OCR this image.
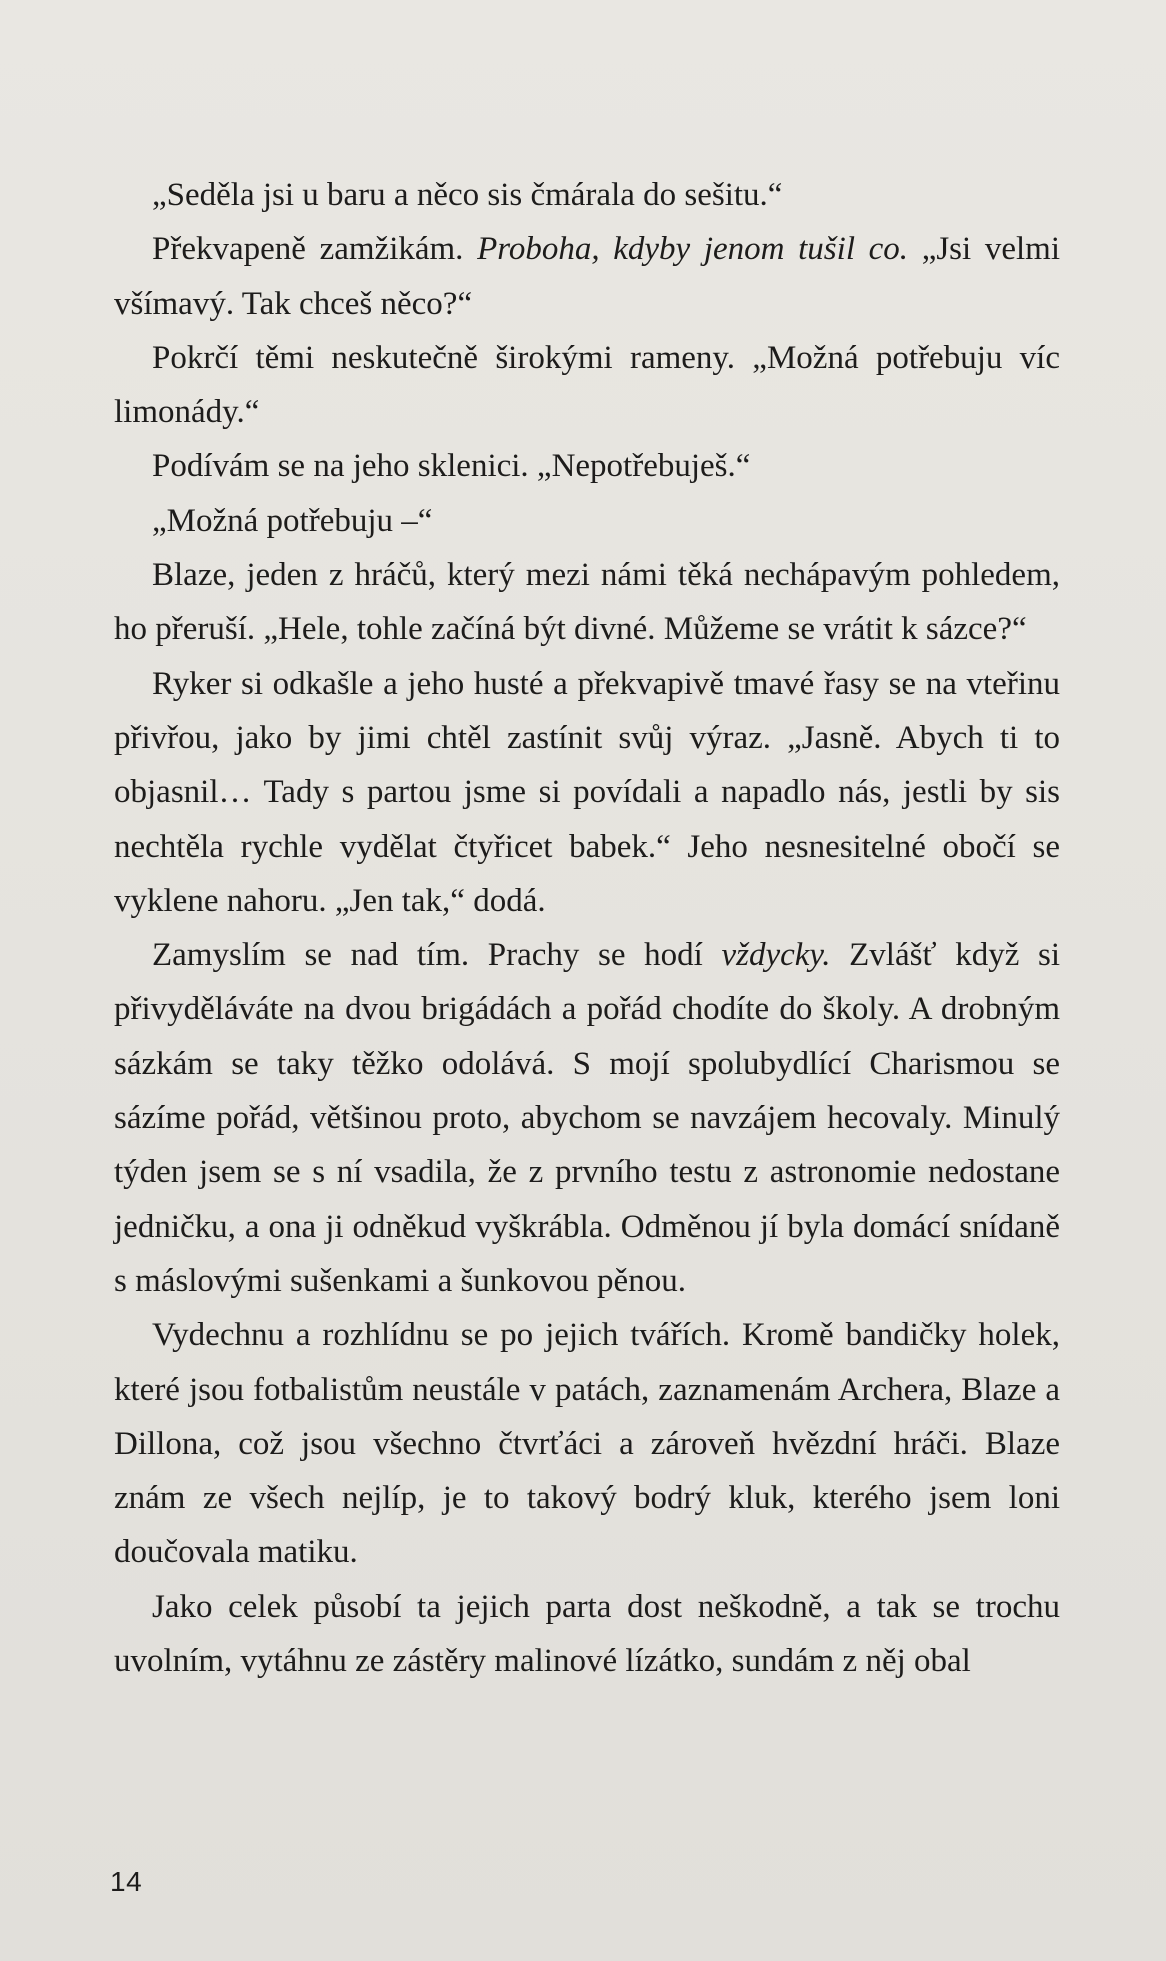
„Seděla jsi u baru a něco sis čmárala do sešitu.“

Překvapeně zamžikám. Proboha, kdyby jenom tušil co. „Jsi velmi všímavý. Tak chceš něco?“

Pokrčí těmi neskutečně širokými rameny. „Možná potřebuju víc limonády.“

Podívám se na jeho sklenici. „Nepotřebuješ.“

„Možná potřebuju –“

Blaze, jeden z hráčů, který mezi námi těká nechápavým pohledem, ho přeruší. „Hele, tohle začíná být divné. Můžeme se vrátit k sázce?“

Ryker si odkašle a jeho husté a překvapivě tmavé řasy se na vteřinu přivřou, jako by jimi chtěl zastínit svůj výraz. „Jasně. Abych ti to objasnil… Tady s partou jsme si povídali a napadlo nás, jestli by sis nechtěla rychle vydělat čtyřicet babek.“ Jeho nesnesitelné obočí se vyklene nahoru. „Jen tak,“ dodá.

Zamyslím se nad tím. Prachy se hodí vždycky. Zvlášť když si přivyděláváte na dvou brigádách a pořád chodíte do školy. A drobným sázkám se taky těžko odolává. S mojí spolubydlící Charismou se sázíme pořád, většinou proto, abychom se navzájem hecovaly. Minulý týden jsem se s ní vsadila, že z prvního testu z astronomie nedostane jedničku, a ona ji odněkud vyškrábla. Odměnou jí byla domácí snídaně s máslovými sušenkami a šunkovou pěnou.

Vydechnu a rozhlídnu se po jejich tvářích. Kromě bandičky holek, které jsou fotbalistům neustále v patách, zaznamenám Archera, Blaze a Dillona, což jsou všechno čtvrťáci a zároveň hvězdní hráči. Blaze znám ze všech nejlíp, je to takový bodrý kluk, kterého jsem loni doučovala matiku.

Jako celek působí ta jejich parta dost neškodně, a tak se trochu uvolním, vytáhnu ze zástěry malinové lízátko, sundám z něj obal

14
